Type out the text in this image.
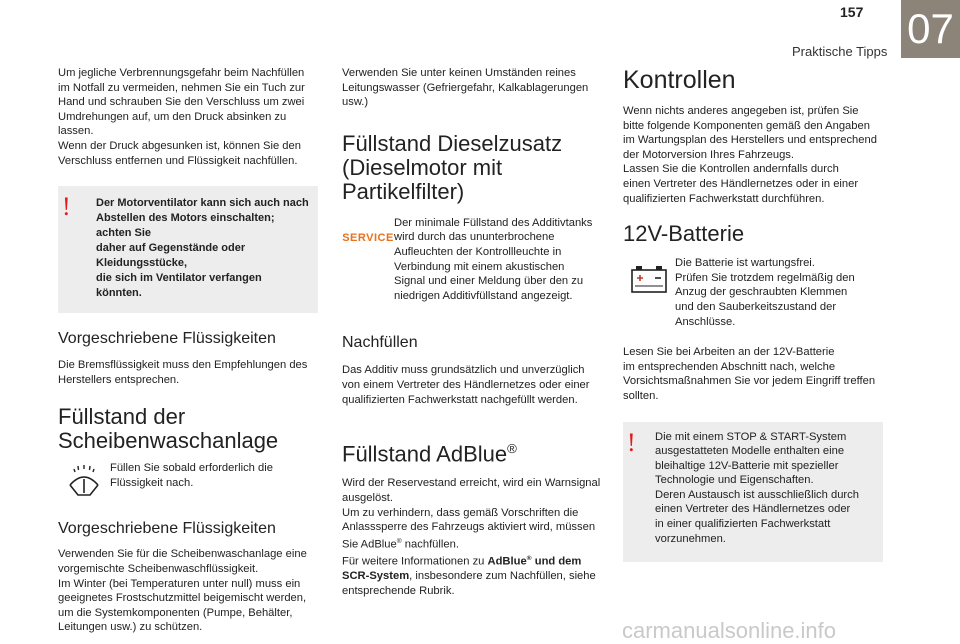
157 07
Praktische Tipps

Um jegliche Verbrennungsgefahr beim Nachfüllen
im Notfall zu vermeiden, nehmen Sie ein Tuch zur
Hand und schrauben Sie den Verschluss um zwei
Umdrehungen auf, um den Druck absinken zu
lassen.
Wenn der Druck abgesunken ist, können Sie den
Verschluss entfernen und Flüssigkeit nachfüllen.

!	Der Motorventilator kann sich auch nach
Abstellen des Motors einschalten; achten Sie
daher auf Gegenstände oder Kleidungsstücke,
die sich im Ventilator verfangen könnten.

Vorgeschriebene Flüssigkeiten

Die Bremsflüssigkeit muss den Empfehlungen des
Herstellers entsprechen.

Füllstand der
Scheibenwaschanlage

Füllen Sie sobald erforderlich die
Flüssigkeit nach.

Vorgeschriebene Flüssigkeiten

Verwenden Sie für die Scheibenwaschanlage eine
vorgemischte Scheibenwaschflüssigkeit.
Im Winter (bei Temperaturen unter null) muss ein
geeignetes Frostschutzmittel beigemischt werden,
um die Systemkomponenten (Pumpe, Behälter,
Leitungen usw.) zu schützen.

Verwenden Sie unter keinen Umständen reines
Leitungswasser (Gefriergefahr, Kalkablagerungen
usw.)

Füllstand Dieselzusatz
(Dieselmotor mit Partikelfilter)
SERVICE

Der minimale Füllstand des Additivtanks
wird durch das ununterbrochene
Aufleuchten der Kontrollleuchte in
Verbindung mit einem akustischen
Signal und einer Meldung über den zu
niedrigen Additivfüllstand angezeigt.

Nachfüllen

Das Additiv muss grundsätzlich und unverzüglich
von einem Vertreter des Händlernetzes oder einer
qualifizierten Fachwerkstatt nachgefüllt werden.

Füllstand AdBlue®

Wird der Reservestand erreicht, wird ein Warnsignal
ausgelöst.
Um zu verhindern, dass gemäß Vorschriften die
Anlasssperre des Fahrzeugs aktiviert wird, müssen
Sie AdBlue® nachfüllen.
Für weitere Informationen zu AdBlue® und dem
SCR-System, insbesondere zum Nachfüllen, siehe
entsprechende Rubrik.

Kontrollen

Wenn nichts anderes angegeben ist, prüfen Sie
bitte folgende Komponenten gemäß den Angaben
im Wartungsplan des Herstellers und entsprechend
der Motorversion Ihres Fahrzeugs.
Lassen Sie die Kontrollen andernfalls durch
einen Vertreter des Händlernetzes oder in einer
qualifizierten Fachwerkstatt durchführen.

12V-Batterie

Die Batterie ist wartungsfrei.
Prüfen Sie trotzdem regelmäßig den
Anzug der geschraubten Klemmen
und den Sauberkeitszustand der
Anschlüsse.

Lesen Sie bei Arbeiten an der 12V-Batterie
im entsprechenden Abschnitt nach, welche
Vorsichtsmaßnahmen Sie vor jedem Eingriff treffen
sollten.

!	Die mit einem STOP & START-System
ausgestatteten Modelle enthalten eine
bleihaltige 12V-Batterie mit spezieller
Technologie und Eigenschaften.
Deren Austausch ist ausschließlich durch
einen Vertreter des Händlernetzes oder
in einer qualifizierten Fachwerkstatt
vorzunehmen.

carmanualsonline.info
